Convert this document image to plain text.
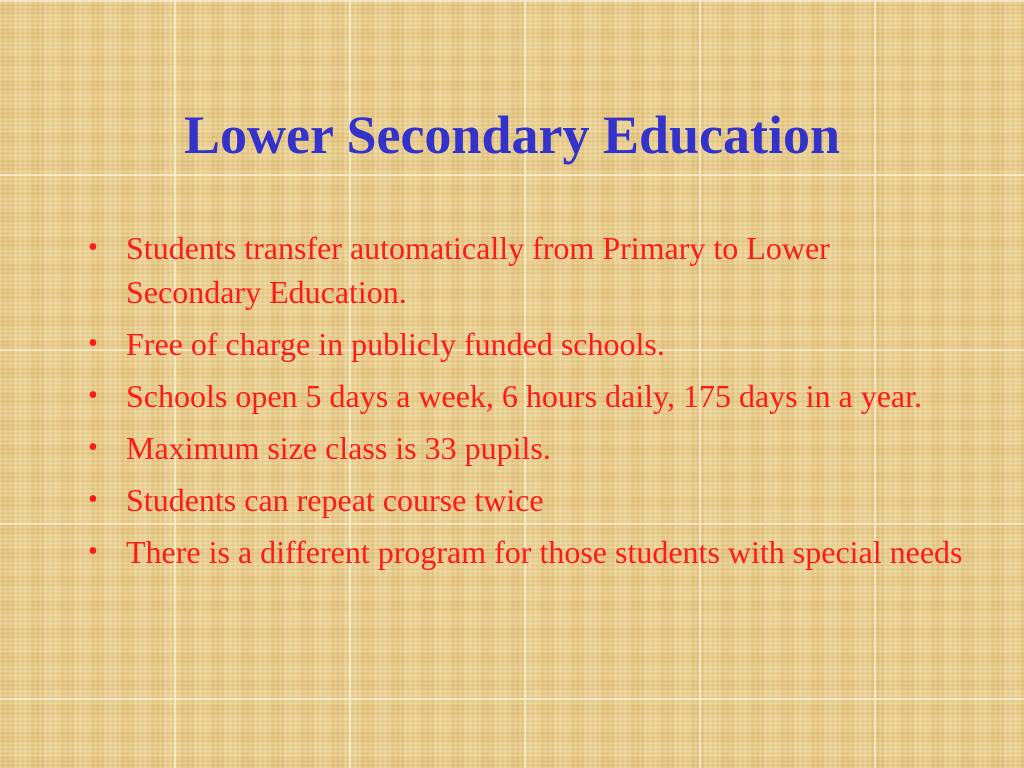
Lower Secondary Education
• Students transfer automatically from Primary to Lower Secondary Education.
• Free of charge in publicly funded schools.
• Schools open 5 days a week, 6 hours daily, 175 days in a year.
• Maximum size class is 33 pupils.
• Students can repeat course twice
• There is a different program for those students with special needs
